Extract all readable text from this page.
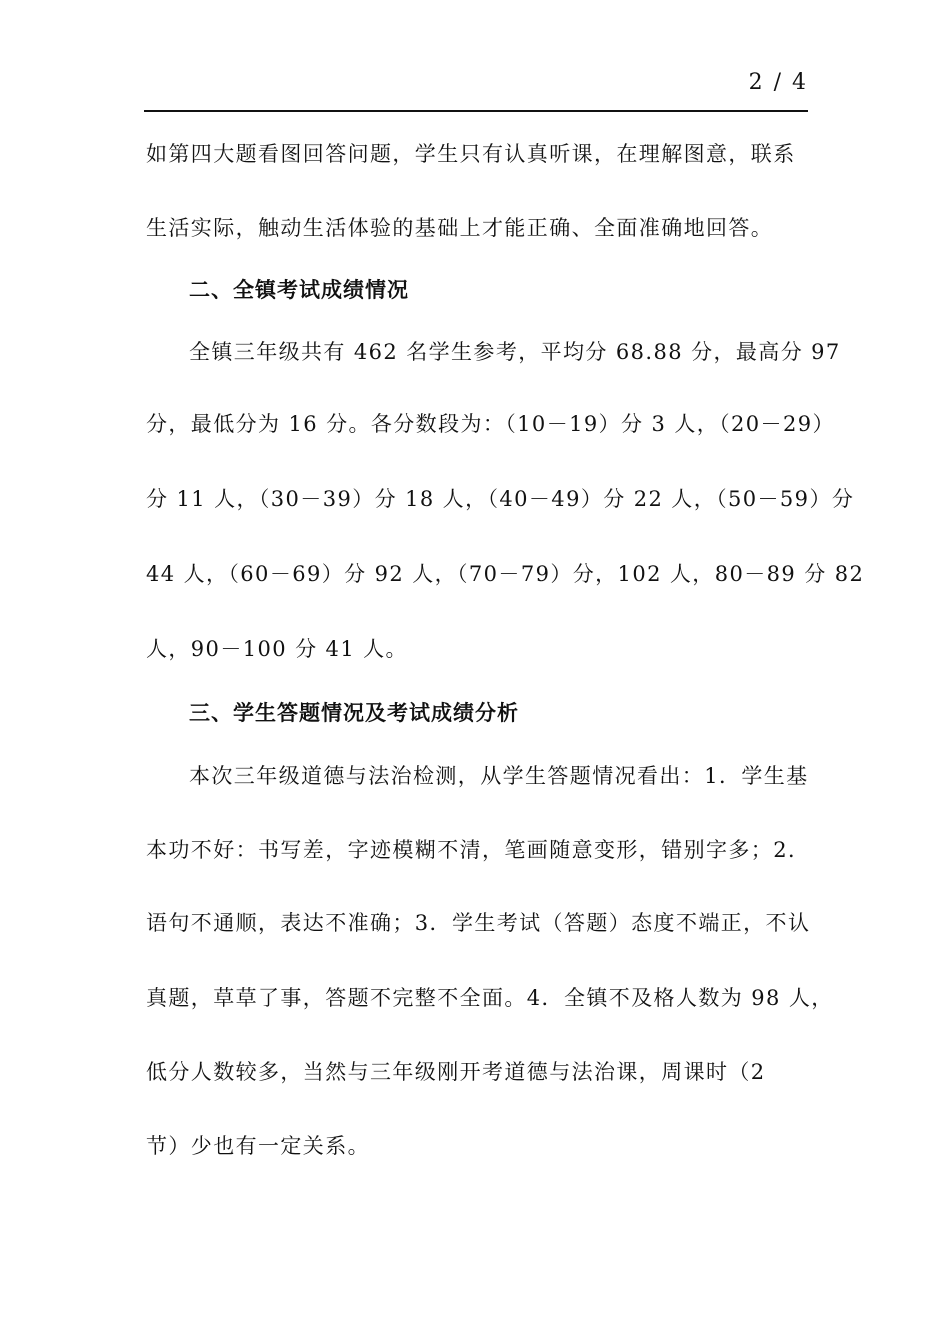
2 / 4
如第四大题看图回答问题，学生只有认真听课，在理解图意，联系
生活实际，触动生活体验的基础上才能正确、全面准确地回答。
二、全镇考试成绩情况
全镇三年级共有 462 名学生参考，平均分 68.88 分，最高分 97
分，最低分为 16 分。各分数段为：（10－19）分 3 人，（20－29）
分 11 人，（30－39）分 18 人，（40－49）分 22 人，（50－59）分
44 人，（60－69）分 92 人，（70－79）分，102 人，80－89 分 82
人，90－100 分 41 人。
三、学生答题情况及考试成绩分析
本次三年级道德与法治检测，从学生答题情况看出：1．学生基
本功不好：书写差，字迹模糊不清，笔画随意变形，错别字多；2．
语句不通顺，表达不准确；3．学生考试（答题）态度不端正，不认
真题，草草了事，答题不完整不全面。4．全镇不及格人数为 98 人，
低分人数较多，当然与三年级刚开考道德与法治课，周课时（2
节）少也有一定关系。
